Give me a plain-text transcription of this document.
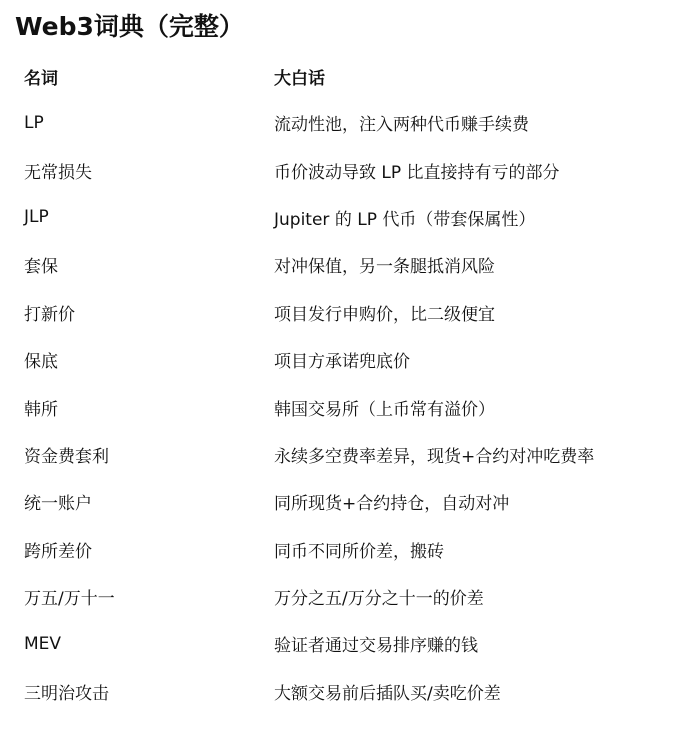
Web3词典（完整）
名词	大白话
LP	流动性池，注入两种代币赚手续费
无常损失	币价波动导致 LP 比直接持有亏的部分
JLP	Jupiter 的 LP 代币（带套保属性）
套保	对冲保值，另一条腿抵消风险
打新价	项目发行申购价，比二级便宜
保底	项目方承诺兜底价
韩所	韩国交易所（上币常有溢价）
资金费套利	永续多空费率差异，现货+合约对冲吃费率
统一账户	同所现货+合约持仓，自动对冲
跨所差价	同币不同所价差，搬砖
万五/万十一	万分之五/万分之十一的价差
MEV	验证者通过交易排序赚的钱
三明治攻击	大额交易前后插队买/卖吃价差
